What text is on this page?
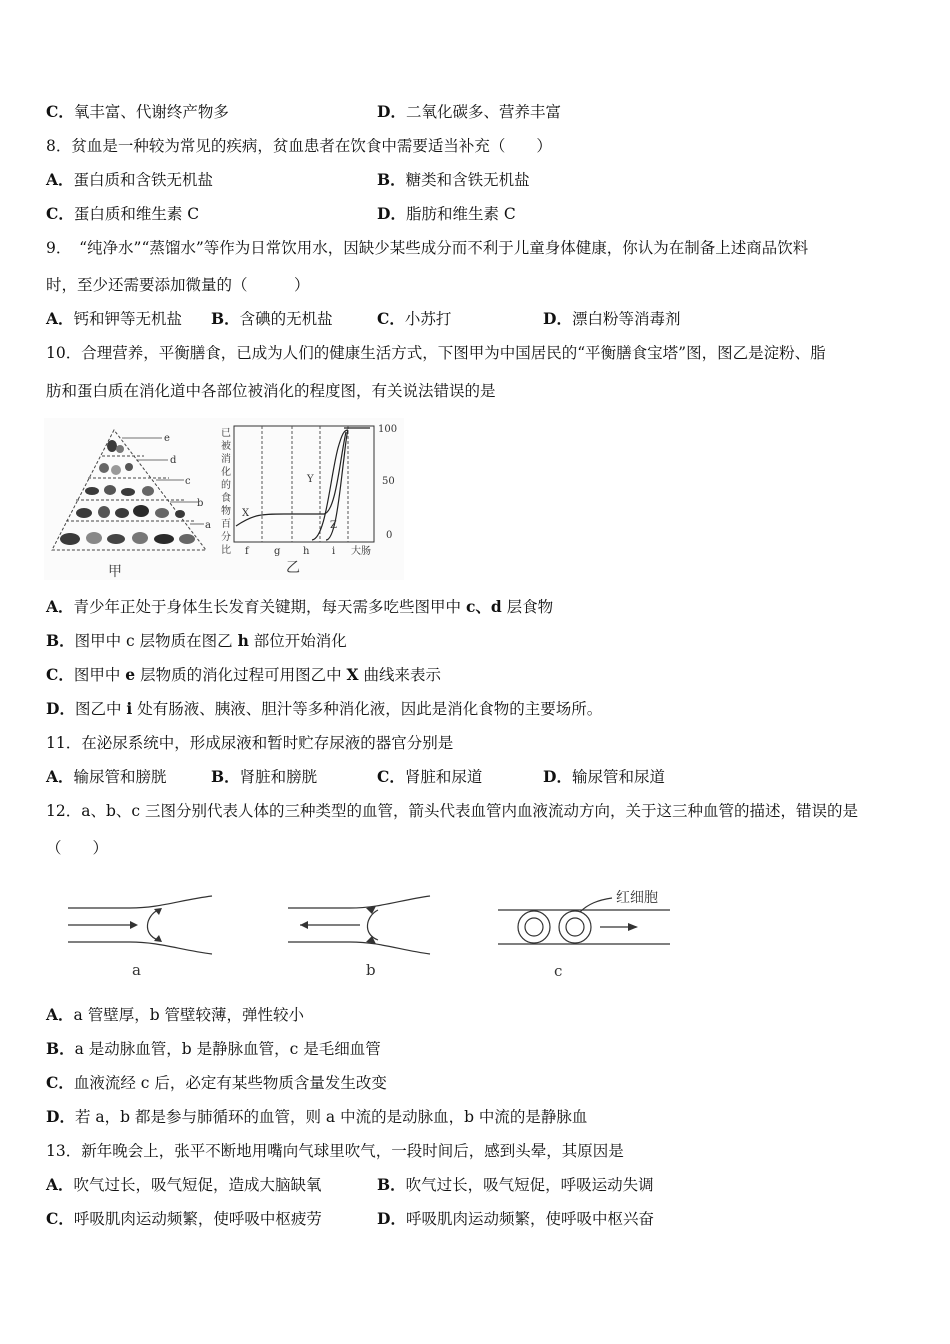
C．氧丰富、代谢终产物多	D．二氧化碳多、营养丰富
8．贫血是一种较为常见的疾病，贫血患者在饮食中需要适当补充（　　）
A．蛋白质和含铁无机盐	B．糖类和含铁无机盐
C．蛋白质和维生素 C	D．脂肪和维生素 C
9．　“纯净水”“蒸馏水”等作为日常饮用水，因缺少某些成分而不利于儿童身体健康，你认为在制备上述商品饮料
时，至少还需要添加微量的（　　　）
A．钙和钾等无机盐 B．含碘的无机盐	C．小苏打	D．漂白粉等消毒剂
10．合理营养，平衡膳食，已成为人们的健康生活方式，下图甲为中国居民的“平衡膳食宝塔”图，图乙是淀粉、脂
肪和蛋白质在消化道中各部位被消化的程度图，有关说法错误的是
e
d
c
b
a
甲
已
被
消
化
的
食
物
百
分
比
100
50
0
X
Y
Z
f	g h i 大肠
乙
A．青少年正处于身体生长发育关键期，每天需多吃些图甲中 c、d 层食物
B．图甲中 c 层物质在图乙 h 部位开始消化
C．图甲中 e 层物质的消化过程可用图乙中 X 曲线来表示
D．图乙中 i 处有肠液、胰液、胆汁等多种消化液，因此是消化食物的主要场所。
11．在泌尿系统中，形成尿液和暂时贮存尿液的器官分别是
A．输尿管和膀胱	B．肾脏和膀胱	C．肾脏和尿道	D．输尿管和尿道
12．a、b、c 三图分别代表人体的三种类型的血管，箭头代表血管内血液流动方向，关于这三种血管的描述，错误的是
（　　）
a	b
红细胞
c
A．a 管壁厚，b 管壁较薄，弹性较小
B．a 是动脉血管，b 是静脉血管，c 是毛细血管
C．血液流经 c 后，必定有某些物质含量发生改变
D．若 a，b 都是参与肺循环的血管，则 a 中流的是动脉血，b 中流的是静脉血
13．新年晚会上，张平不断地用嘴向气球里吹气，一段时间后，感到头晕，其原因是
A．吹气过长，吸气短促，造成大脑缺氧	B．吹气过长，吸气短促，呼吸运动失调
C．呼吸肌肉运动频繁，使呼吸中枢疲劳	D．呼吸肌肉运动频繁，使呼吸中枢兴奋
